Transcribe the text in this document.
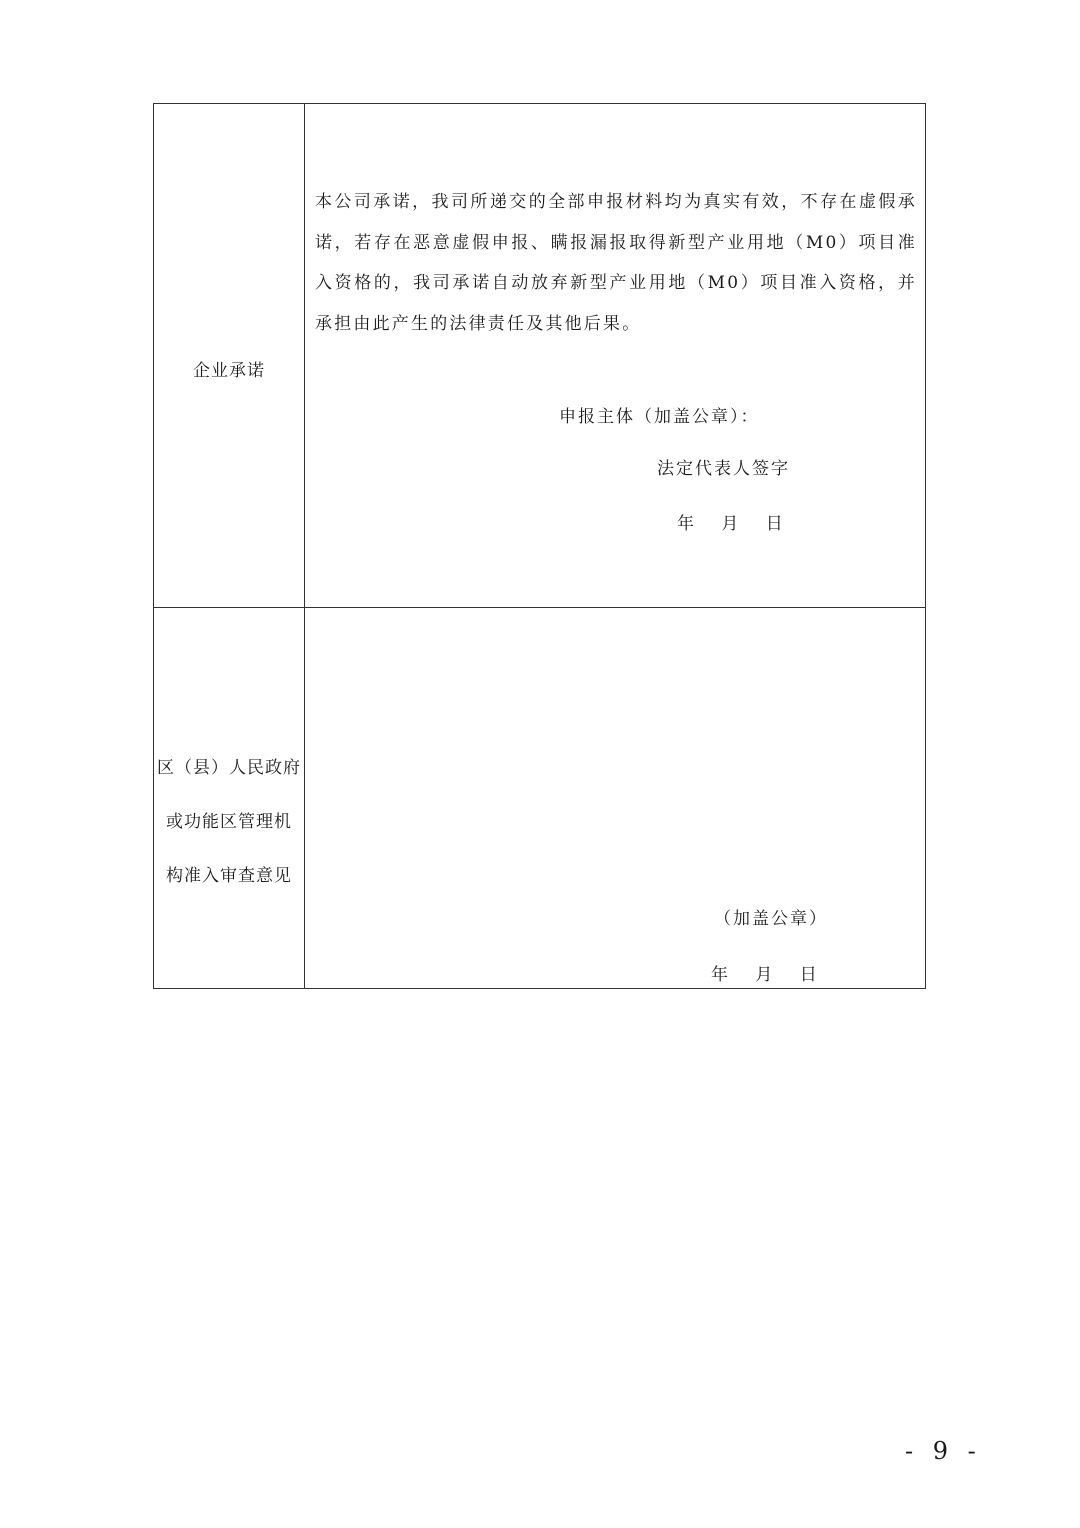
企业承诺
本公司承诺，我司所递交的全部申报材料均为真实有效，不存在虚假承诺，若存在恶意虚假申报、瞒报漏报取得新型产业用地（M0）项目准入资格的，我司承诺自动放弃新型产业用地（M0）项目准入资格，并承担由此产生的法律责任及其他后果。
申报主体（加盖公章）：
法定代表人签字
年 月 日
区（县）人民政府
或功能区管理机
构准入审查意见
（加盖公章）
年 月 日
- 9 -
